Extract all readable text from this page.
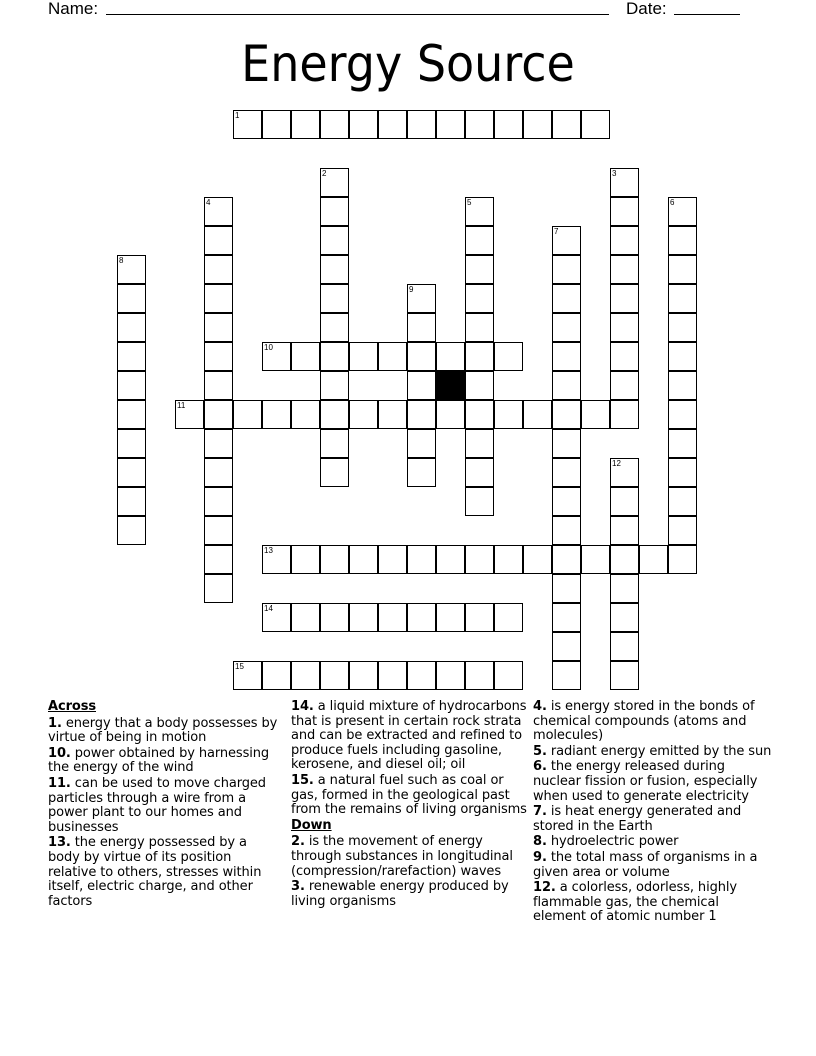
Name:	Date:
Energy Source
1
2	3
4	5	6
7
8
9
10
11
12
13
14
15
Across
1. energy that a body possesses by virtue of being in motion
10. power obtained by harnessing the energy of the wind
11. can be used to move charged particles through a wire from a power plant to our homes and businesses
13. the energy possessed by a body by virtue of its position relative to others, stresses within itself, electric charge, and other factors
14. a liquid mixture of hydrocarbons that is present in certain rock strata and can be extracted and refined to produce fuels including gasoline, kerosene, and diesel oil; oil
15. a natural fuel such as coal or gas, formed in the geological past from the remains of living organisms
Down
2. is the movement of energy through substances in longitudinal (compression/rarefaction) waves
3. renewable energy produced by living organisms
4. is energy stored in the bonds of chemical compounds (atoms and molecules)
5. radiant energy emitted by the sun
6. the energy released during nuclear fission or fusion, especially when used to generate electricity
7. is heat energy generated and stored in the Earth
8. hydroelectric power
9. the total mass of organisms in a given area or volume
12. a colorless, odorless, highly flammable gas, the chemical element of atomic number 1
